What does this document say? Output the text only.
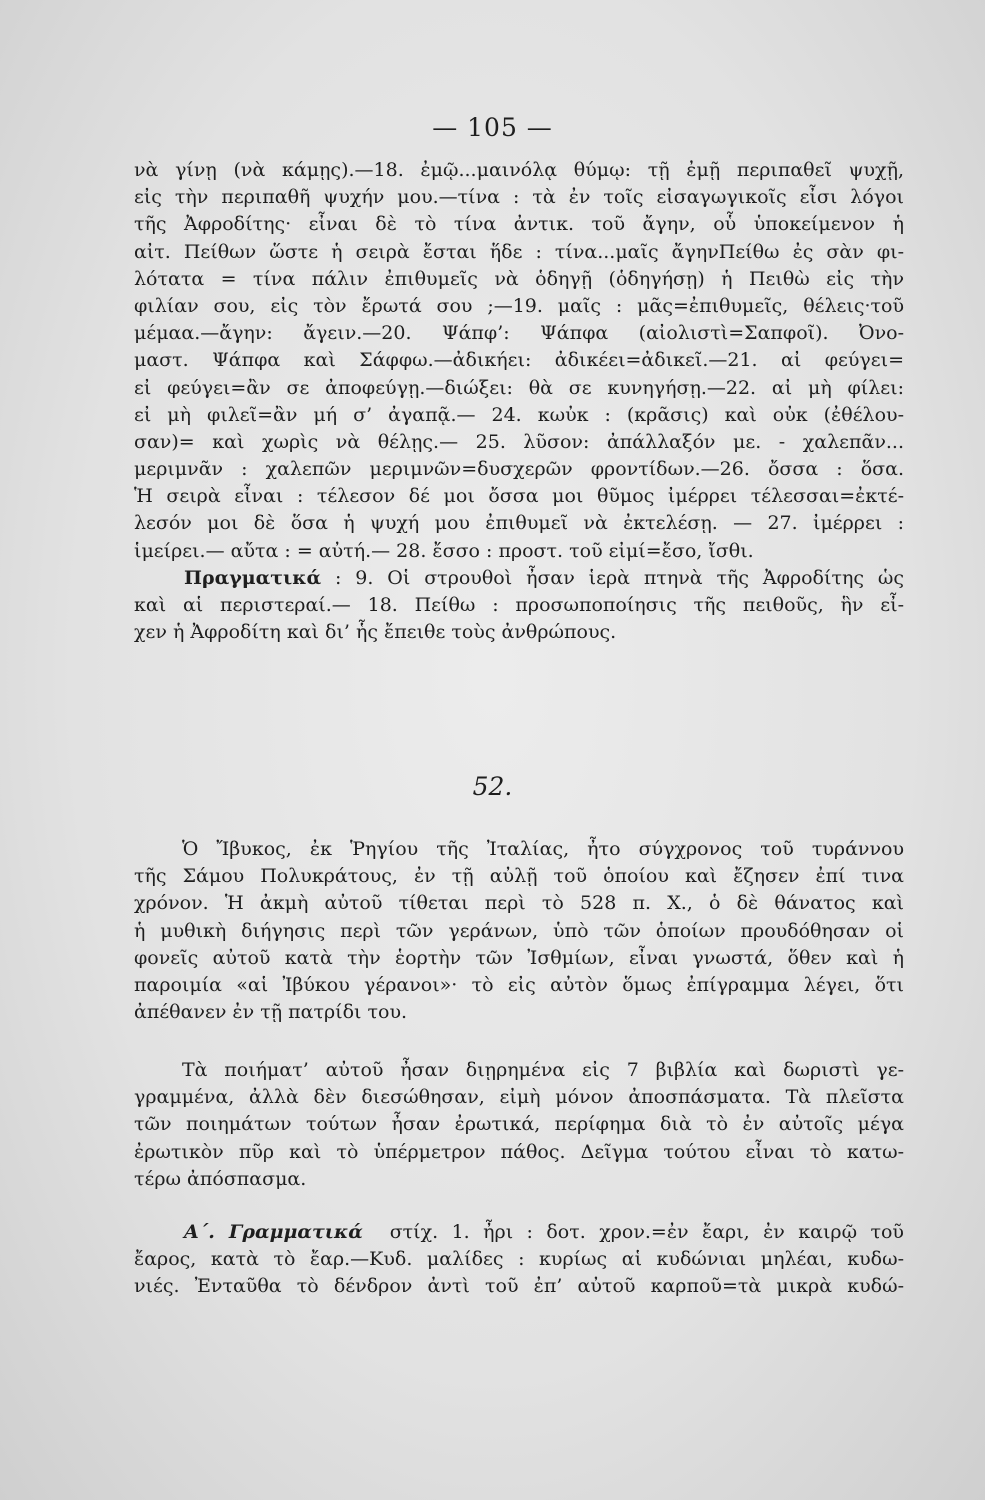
— 105 —
νὰ γίνῃ (νὰ κάμῃς).—18. ἐμῷ...μαινόλᾳ θύμῳ: τῇ ἐμῇ περιπαθεῖ ψυχῇ,
εἰς τὴν περιπαθῆ ψυχήν μου.—τίνα : τὰ ἐν τοῖς εἰσαγωγικοῖς εἶσι λόγοι
τῆς Ἀφροδίτης· εἶναι δὲ τὸ τίνα ἀντικ. τοῦ ἄγην, οὗ ὑποκείμενον ἡ
αἰτ. Πείθων ὥστε ἡ σειρὰ ἔσται ἥδε : τίνα...μαῖς ἄγηνΠείθω ἐς σὰν φι-
λότατα = τίνα πάλιν ἐπιθυμεῖς νὰ ὁδηγῇ (ὁδηγήσῃ) ἡ Πειθὼ εἰς τὴν
φιλίαν σου, εἰς τὸν ἔρωτά σου ;—19. μαῖς : μᾶς=ἐπιθυμεῖς, θέλεις·τοῦ
μέμαα.—ἄγην: ἄγειν.—20. Ψάπφ’: Ψάπφα (αἰολιστὶ=Σαπφοῖ). Ὀνο-
μαστ. Ψάπφα καὶ Σάφφω.—ἀδικήει: ἀδικέει=ἀδικεῖ.—21. αἰ φεύγει=
εἰ φεύγει=ἂν σε ἀποφεύγῃ.—διώξει: θὰ σε κυνηγήσῃ.—22. αἰ μὴ φίλει:
εἰ μὴ φιλεῖ=ἂν μή σ’ ἀγαπᾷ.— 24. κωὐκ : (κρᾶσις) καὶ οὐκ (ἐθέλου-
σαν)= καὶ χωρὶς νὰ θέλῃς.— 25. λῦσον: ἀπάλλαξόν με. - χαλεπᾶν...
μεριμνᾶν : χαλεπῶν μεριμνῶν=δυσχερῶν φροντίδων.—26. ὄσσα : ὅσα.
Ἡ σειρὰ εἶναι : τέλεσον δέ μοι ὄσσα μοι θῦμος ἰμέρρει τέλεσσαι=ἐκτέ-
λεσόν μοι δὲ ὅσα ἡ ψυχή μου ἐπιθυμεῖ νὰ ἐκτελέσῃ. — 27. ἰμέρρει :
ἱμείρει.— αὔτα : = αὐτή.— 28. ἔσσο : προστ. τοῦ εἰμί=ἔσο, ἴσθι.
Πραγματικά : 9. Οἱ στρουθοὶ ἦσαν ἱερὰ πτηνὰ τῆς Ἀφροδίτης ὡς
καὶ αἱ περιστεραί.— 18. Πείθω : προσωποποίησις τῆς πειθοῦς, ἣν εἶ-
χεν ἡ Ἀφροδίτη καὶ δι’ ἧς ἔπειθε τοὺς ἀνθρώπους.
52.
Ὁ Ἴβυκος, ἐκ Ῥηγίου τῆς Ἰταλίας, ἦτο σύγχρονος τοῦ τυράννου
τῆς Σάμου Πολυκράτους, ἐν τῇ αὐλῇ τοῦ ὁποίου καὶ ἔζησεν ἐπί τινα
χρόνον. Ἡ ἀκμὴ αὐτοῦ τίθεται περὶ τὸ 528 π. Χ., ὁ δὲ θάνατος καὶ
ἡ μυθικὴ διήγησις περὶ τῶν γεράνων, ὑπὸ τῶν ὁποίων προυδόθησαν οἱ
φονεῖς αὐτοῦ κατὰ τὴν ἑορτὴν τῶν Ἰσθμίων, εἶναι γνωστά, ὅθεν καὶ ἡ
παροιμία «αἱ Ἰβύκου γέρανοι»· τὸ εἰς αὐτὸν ὅμως ἐπίγραμμα λέγει, ὅτι
ἀπέθανεν ἐν τῇ πατρίδι του.
Τὰ ποιήματ’ αὐτοῦ ἦσαν διῃρημένα εἰς 7 βιβλία καὶ δωριστὶ γε-
γραμμένα, ἀλλὰ δὲν διεσώθησαν, εἰμὴ μόνον ἀποσπάσματα. Τὰ πλεῖστα
τῶν ποιημάτων τούτων ἦσαν ἐρωτικά, περίφημα διὰ τὸ ἐν αὐτοῖς μέγα
ἐρωτικὸν πῦρ καὶ τὸ ὑπέρμετρον πάθος. Δεῖγμα τούτου εἶναι τὸ κατω-
τέρω ἀπόσπασμα.
Α΄. Γραμματικά στίχ. 1. ἦρι : δοτ. χρον.=ἐν ἔαρι, ἐν καιρῷ τοῦ
ἔαρος, κατὰ τὸ ἔαρ.—Κυδ. μαλίδες : κυρίως αἱ κυδώνιαι μηλέαι, κυδω-
νιές. Ἐνταῦθα τὸ δένδρον ἀντὶ τοῦ ἐπ’ αὐτοῦ καρποῦ=τὰ μικρὰ κυδώ-
